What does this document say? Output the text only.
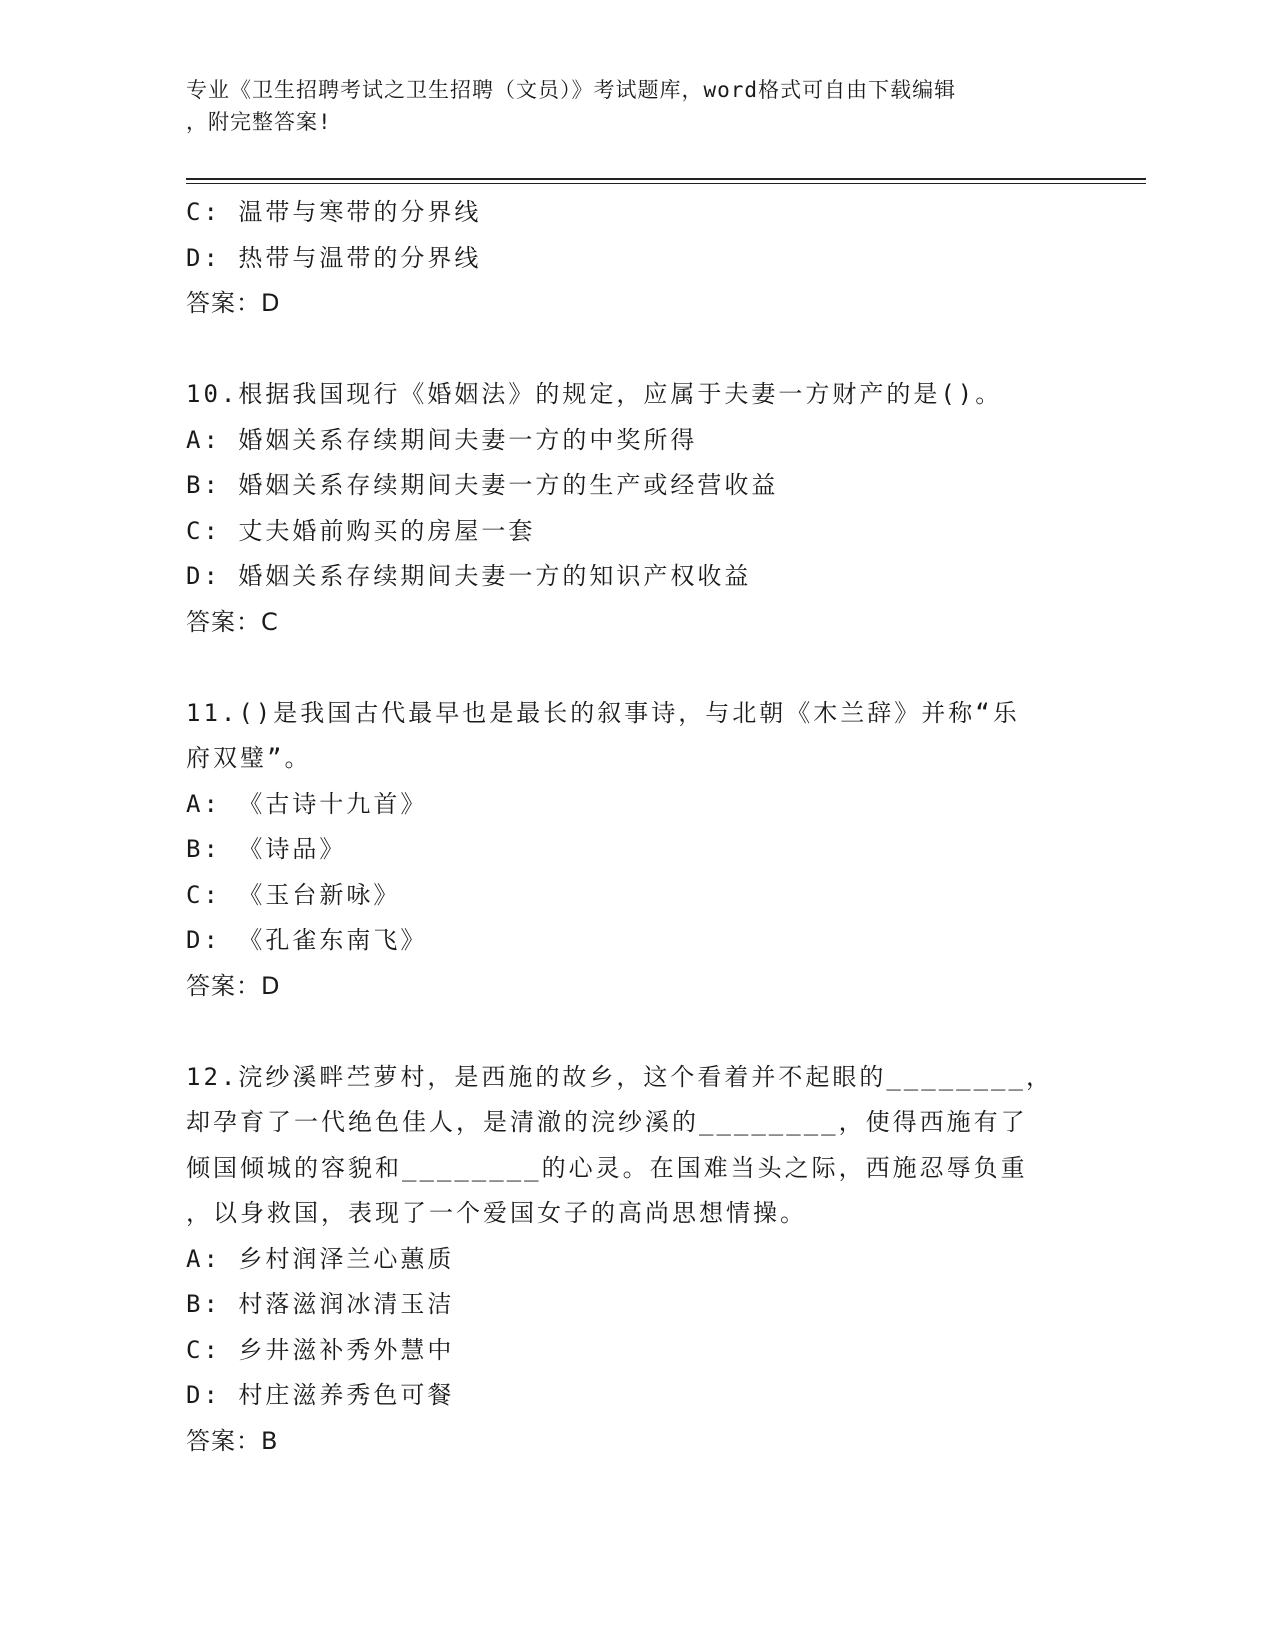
专业《卫生招聘考试之卫生招聘（文员）》考试题库，word格式可自由下载编辑
，附完整答案!
C: 温带与寒带的分界线
D: 热带与温带的分界线
答案：D
10.根据我国现行《婚姻法》的规定，应属于夫妻一方财产的是()。
A: 婚姻关系存续期间夫妻一方的中奖所得
B: 婚姻关系存续期间夫妻一方的生产或经营收益
C: 丈夫婚前购买的房屋一套
D: 婚姻关系存续期间夫妻一方的知识产权收益
答案：C
11.()是我国古代最早也是最长的叙事诗，与北朝《木兰辞》并称“乐
府双璧”。
A: 《古诗十九首》
B: 《诗品》
C: 《玉台新咏》
D: 《孔雀东南飞》
答案：D
12.浣纱溪畔苎萝村，是西施的故乡，这个看着并不起眼的________，
却孕育了一代绝色佳人，是清澈的浣纱溪的________，使得西施有了
倾国倾城的容貌和________的心灵。在国难当头之际，西施忍辱负重
，以身救国，表现了一个爱国女子的高尚思想情操。
A: 乡村润泽兰心蕙质
B: 村落滋润冰清玉洁
C: 乡井滋补秀外慧中
D: 村庄滋养秀色可餐
答案：B
